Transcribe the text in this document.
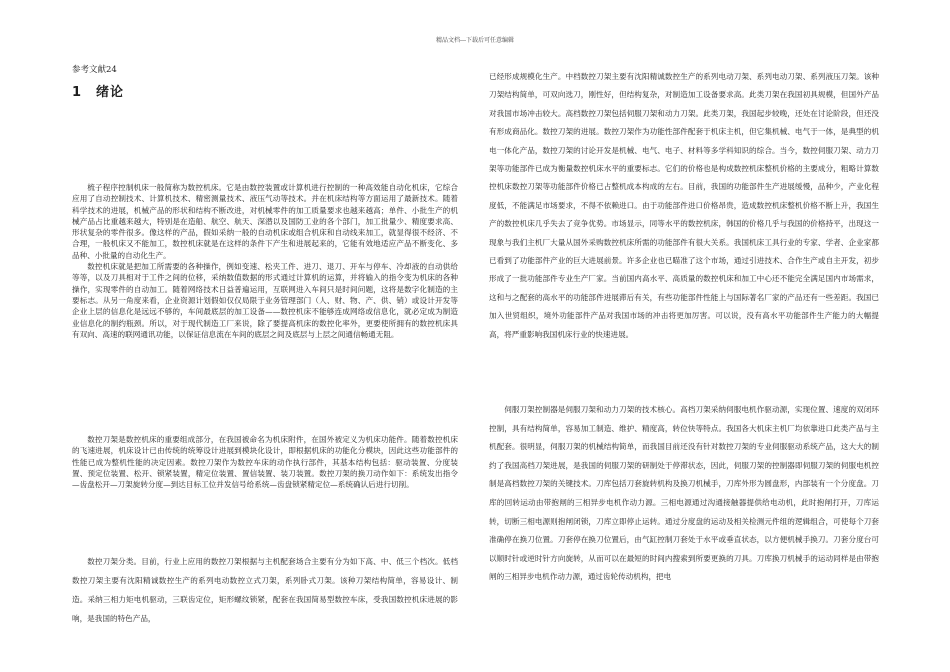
精品文档---下载后可任意编辑
参考文献24
1 绪论

梳子程序控制机床一般简称为数控机床。它是由数控装置或计算机进行控制的一种高效能自动化机床，它综合应用了自动控制技术、计算机技术、精密测量技术、液压气动等技术。并在机床结构等方面运用了最新技术。随着科学技术的进展，机械产品的形状和结构不断改进，对机械零件的加工质量要求也越来越高；单件、小批生产的机械产品占比重越来越大，特别是在造船、航空、航天、深潜以及国防工业的各个部门，加工批量少、精度要求高、形状复杂的零件很多。像这样的产品，假如采纳一般的自动机床或组合机床和自动线来加工，就显得很不经济、不合理，一般机床又不能加工，数控机床就是在这样的条件下产生和进展起来的，它能有效地适应产品不断变化、多品种、小批量的自动化生产。

数控机床就是把加工所需要的各种操作，例如变速、松夹工件、进刀、退刀、开车与停车、冷却液的自动供给等等，以及刀具相对于工件之间的位移，采纳数值数据的形式通过计算机的运算，并将输入的指令变为机床的各种操作，实现零件的自动加工。随着网络技术日益普遍运用，互联网进入车间只是时间问题，这将是数字化制造的主要标志。从另一角度来看，企业资源计划假如仅仅局限于业务管理部门（人、财、物、产、供、销）或设计开发等企业上层的信息化是远远不够的，车间最底层的加工设备——数控机床不能够连成网络或信息化，就必定成为制造业信息化的制约瓶颈。所以，对于现代制造工厂来说，除了要提高机床的数控化率外，更要使所拥有的数控机床具有双向、高速的联网通讯功能，以保证信息流在车间的底层之间及底层与上层之间通信畅通无阻。

数控刀架是数控机床的重要组成部分，在我国被命名为机床附件，在国外被定义为机床功能件。随着数控机床的飞速进展，机床设计已由传统的统筹设计进展到模块化设计，即根据机床的功能化分模块，因此这些功能部件的性能已成为整机性能的决定因素。数控刀架作为数控车床的动作执行部件，其基本结构包括：驱动装置、分度装置、预定位装置、松开、锁紧装置，精定位装置、置信装置、装刀装置。数控刀架的换刀动作如下：系统发出指令—齿盘松开—刀架旋转分度—到达目标工位并发信号给系统—齿盘锁紧精定位—系统确认后进行切削。

数控刀架分类。目前，行业上应用的数控刀架根据与主机配套场合主要有分为如下高、中、低三个档次。低档数控刀架主要有沈阳精诚数控生产的系列电动数控立式刀架，系列卧式刀架。该种刀架结构简单，容易设计、制造。采纳三相力矩电机驱动，三联齿定位，矩形螺纹锁紧，配套在我国简易型数控车床，受我国数控机床进展的影响，是我国的特色产品，

已经形成规模化生产。中档数控刀架主要有沈阳精诚数控生产的系列电动刀架、系列电动刀架、系列液压刀架。该种刀架结构简单，可双向选刀，刚性好，但结构复杂，对制造加工设备要求高。此类刀架在我国初具规模，但国外产品对我国市场冲击较大。高档数控刀架包括伺服刀架和动力刀架。此类刀架，我国起步较晚，还处在讨论阶段，但还没有形成商品化。数控刀架的进展。数控刀架作为功能性部件配套于机床主机，但它集机械、电气于一体，是典型的机电一体化产品，数控刀架的讨论开发是机械、电气、电子、材料等多学科知识的综合。当今，数控伺服刀架、动力刀架等功能部件已成为衡量数控机床水平的重要标志。它们的价格也是构成数控机床整机价格的主要成分，粗略计算数控机床数控刀架等功能部件价格已占整机成本构成的左右。目前，我国的功能部件生产进展缓慢，品种少，产业化程度低，不能满足市场要求，不得不依赖进口。由于功能部件进口价格昂贵，造成数控机床整机价格不断上升，我国生产的数控机床几乎失去了竞争优势。市场显示，同等水平的数控机床，韩国的价格几乎与我国的价格持平，出现这一现象与我们主机厂大量从国外采购数控机床所需的功能部件有很大关系。我国机床工具行业的专家、学者、企业家都已看到了功能部件产业的巨大进展前景。许多企业也已瞄准了这个市场，通过引进技术、合作生产或自主开发，初步形成了一批功能部件专业生产厂家。当前国内高水平、高质量的数控机床和加工中心还不能完全满足国内市场需求，这和与之配套的高水平的功能部件进展滞后有关，有些功能部件性能上与国际著名厂家的产品还有一些差距。我国已加入世贸组织，境外功能部件产品对我国市场的冲击将更加厉害。可以说，没有高水平功能部件生产能力的大幅提高，将严重影响我国机床行业的快速进展。

伺服刀架控制器是伺服刀架和动力刀架的技术核心。高档刀架采纳伺服电机作驱动源，实现位置、速度的双闭环控制，具有结构简单，容易加工制造、维护、精度高，转位快等特点。我国各大机床主机厂均依靠进口此类产品与主机配套。很明显，伺服刀架的机械结构简单，而我国目前还没有针对数控刀架的专业伺服驱动系统产品，这大大的制约了我国高档刀架进展，是我国的伺服刀架的研制处于停滞状态，因此，伺服刀架的控制器即伺服刀架的伺服电机控制是高档数控刀架的关键技术。刀库包括刀套旋转机构及换刀机械手，刀库外形为圆盘形，内部装有一个分度盘。刀库的回转运动由带抱闸的三相异步电机作动力源。三相电源通过沟通接触器提供给电动机，此时抱闸打开，刀库运转，切断三相电源则抱闸闭锁，刀库立即停止运转。通过分度盘的运动及相关检测元件组的逻辑组合，可使每个刀套准确停在换刀位置。刀套停在换刀位置后，由气缸控制刀套处于水平或垂直状态，以方便机械手换刀。刀套分度台可以顺时针或逆时针方向旋转，从而可以在最短的时间内搜索到所要更换的刀具。刀库换刀机械手的运动同样是由带抱闸的三相异步电机作动力源，通过齿轮传动机构，把电
